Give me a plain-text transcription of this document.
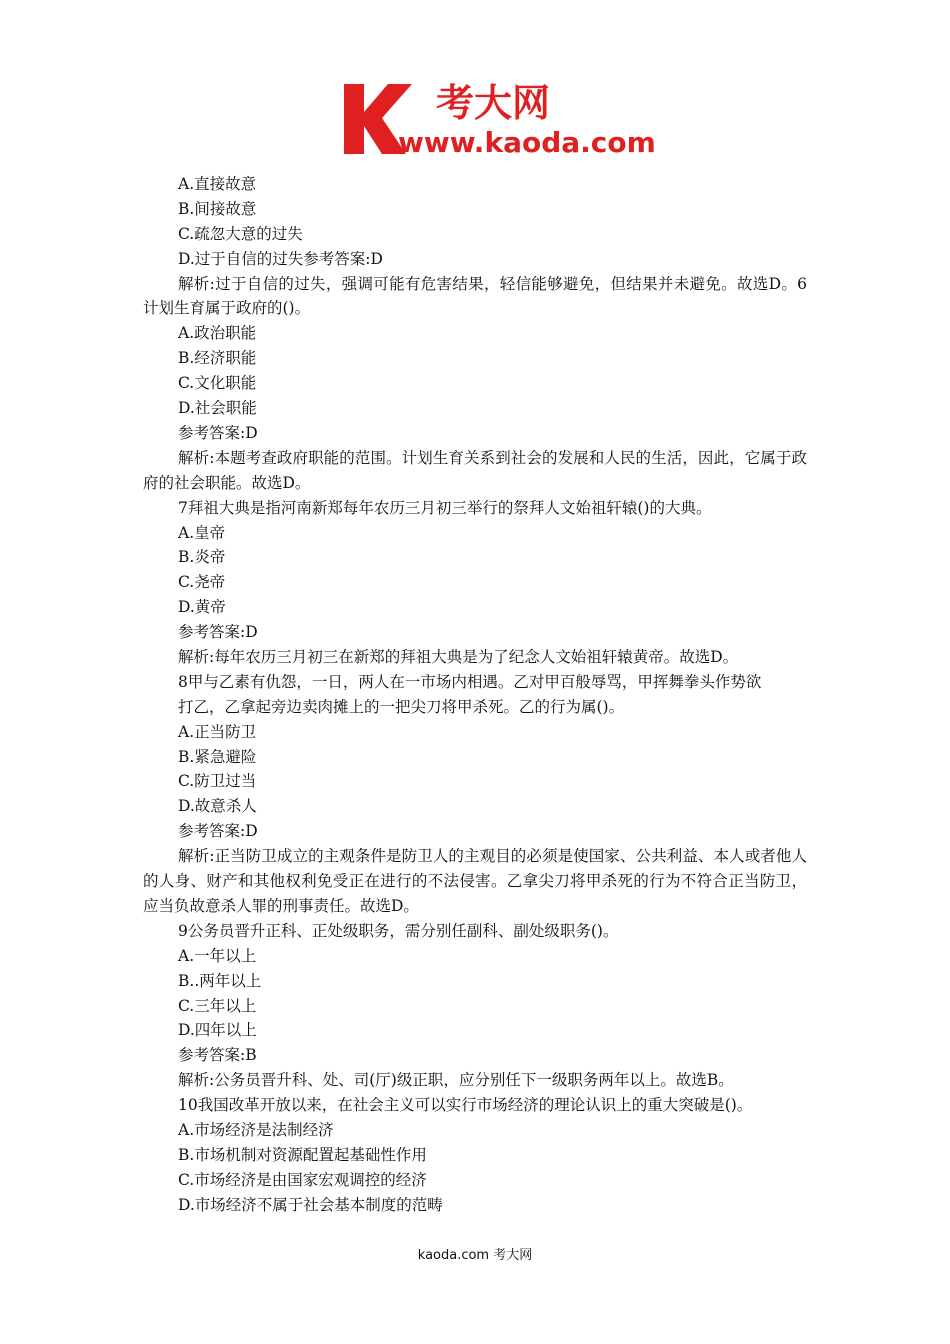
考大网
www.kaoda.com
A.直接故意
B.间接故意
C.疏忽大意的过失
D.过于自信的过失参考答案:D
解析:过于自信的过失，强调可能有危害结果，轻信能够避免，但结果并未避免。故选D。6计划生育属于政府的()。
A.政治职能
B.经济职能
C.文化职能
D.社会职能
参考答案:D
解析:本题考查政府职能的范围。计划生育关系到社会的发展和人民的生活，因此，它属于政府的社会职能。故选D。
7拜祖大典是指河南新郑每年农历三月初三举行的祭拜人文始祖轩辕()的大典。
A.皇帝
B.炎帝
C.尧帝
D.黄帝
参考答案:D
解析:每年农历三月初三在新郑的拜祖大典是为了纪念人文始祖轩辕黄帝。故选D。
8甲与乙素有仇怨，一日，两人在一市场内相遇。乙对甲百般辱骂，甲挥舞拳头作势欲
打乙，乙拿起旁边卖肉摊上的一把尖刀将甲杀死。乙的行为属()。
A.正当防卫
B.紧急避险
C.防卫过当
D.故意杀人
参考答案:D
解析:正当防卫成立的主观条件是防卫人的主观目的必须是使国家、公共利益、本人或者他人的人身、财产和其他权利免受正在进行的不法侵害。乙拿尖刀将甲杀死的行为不符合正当防卫，应当负故意杀人罪的刑事责任。故选D。
9公务员晋升正科、正处级职务，需分别任副科、副处级职务()。
A.一年以上
B..两年以上
C.三年以上
D.四年以上
参考答案:B
解析:公务员晋升科、处、司(厅)级正职，应分别任下一级职务两年以上。故选B。
10我国改革开放以来，在社会主义可以实行市场经济的理论认识上的重大突破是()。
A.市场经济是法制经济
B.市场机制对资源配置起基础性作用
C.市场经济是由国家宏观调控的经济
D.市场经济不属于社会基本制度的范畴
kaoda.com 考大网
